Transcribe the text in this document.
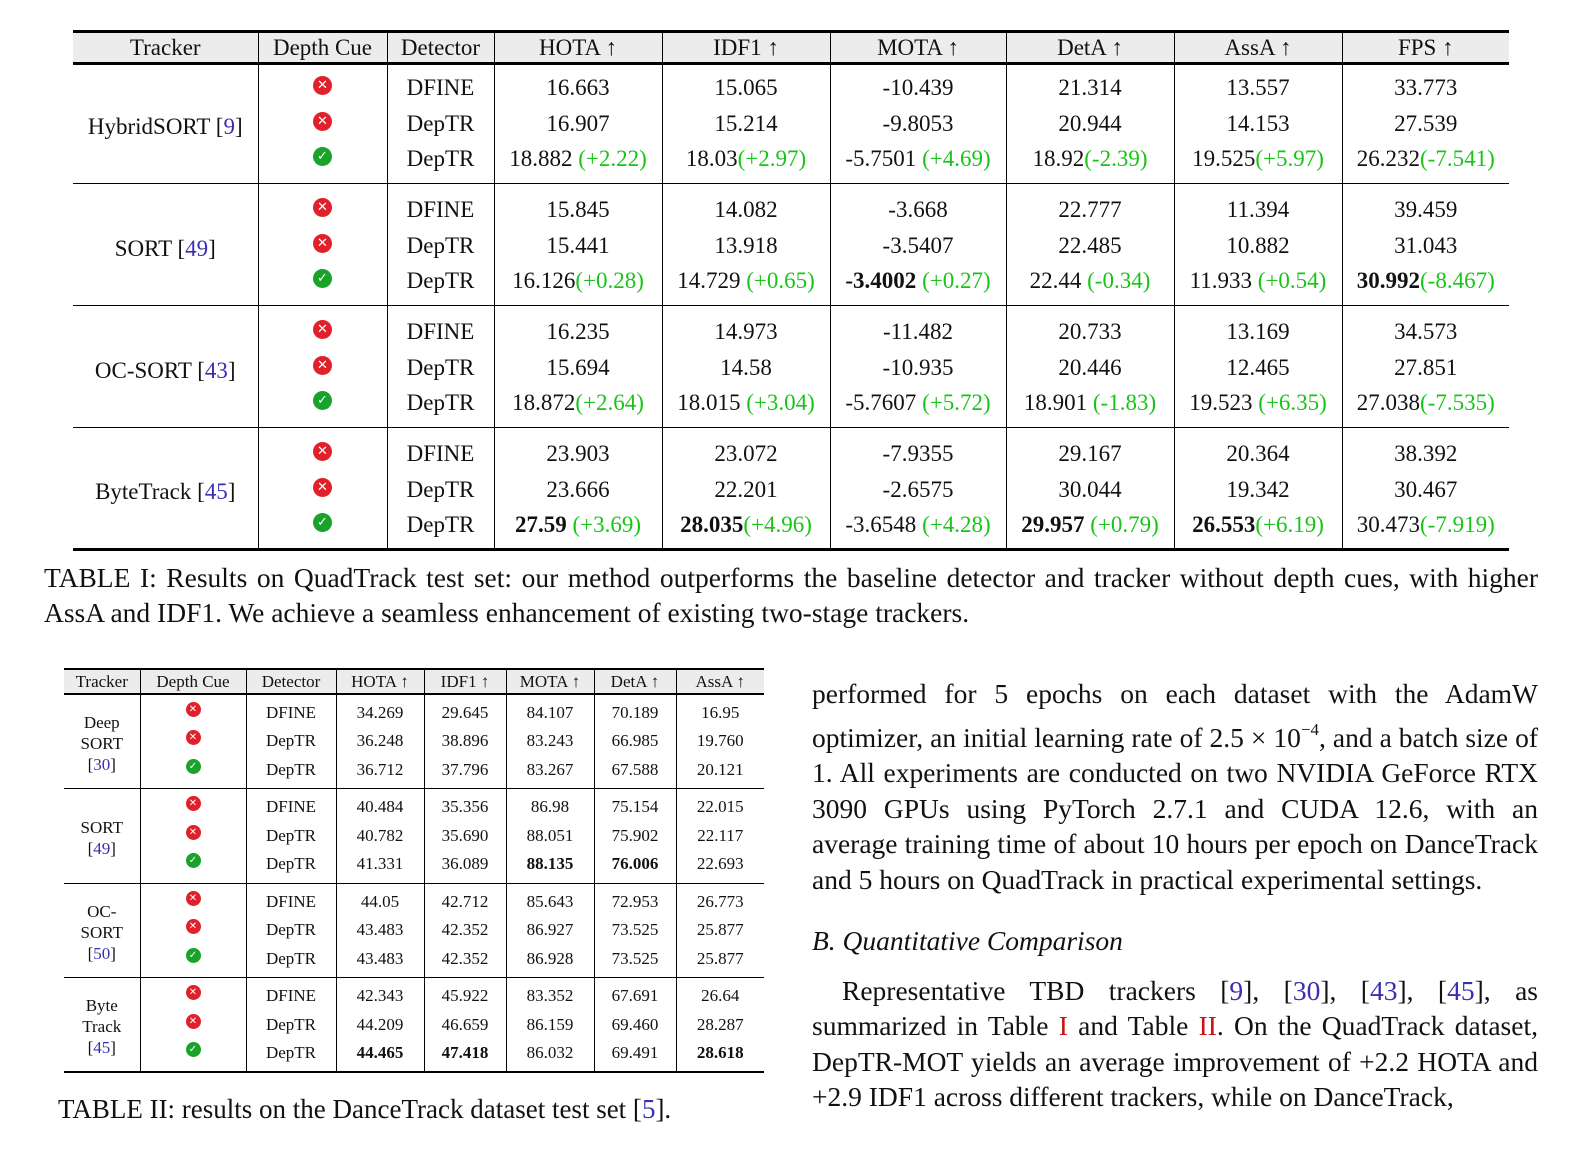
Tracker	Depth Cue	Detector	HOTA ↑	IDF1 ↑	MOTA ↑	DetA ↑	AssA ↑	FPS ↑
HybridSORT [9]	✕	DFINE	16.663	15.065	-10.439	21.314	13.557	33.773
	✕	DepTR	16.907	15.214	-9.8053	20.944	14.153	27.539
	✓	DepTR	18.882 (+2.22)	18.03(+2.97)	-5.7501 (+4.69)	18.92(-2.39)	19.525(+5.97)	26.232(-7.541)
SORT [49]	✕	DFINE	15.845	14.082	-3.668	22.777	11.394	39.459
	✕	DepTR	15.441	13.918	-3.5407	22.485	10.882	31.043
	✓	DepTR	16.126(+0.28)	14.729 (+0.65)	-3.4002 (+0.27)	22.44 (-0.34)	11.933 (+0.54)	30.992(-8.467)
OC-SORT [43]	✕	DFINE	16.235	14.973	-11.482	20.733	13.169	34.573
	✕	DepTR	15.694	14.58	-10.935	20.446	12.465	27.851
	✓	DepTR	18.872(+2.64)	18.015 (+3.04)	-5.7607 (+5.72)	18.901 (-1.83)	19.523 (+6.35)	27.038(-7.535)
ByteTrack [45]	✕	DFINE	23.903	23.072	-7.9355	29.167	20.364	38.392
	✕	DepTR	23.666	22.201	-2.6575	30.044	19.342	30.467
	✓	DepTR	27.59 (+3.69)	28.035(+4.96)	-3.6548 (+4.28)	29.957 (+0.79)	26.553(+6.19)	30.473(-7.919)
TABLE I: Results on QuadTrack test set: our method outperforms the baseline detector and tracker without depth cues, with higher AssA and IDF1. We achieve a seamless enhancement of existing two-stage trackers.
Tracker	Depth Cue	Detector	HOTA ↑	IDF1 ↑	MOTA ↑	DetA ↑	AssA ↑

Deep
SORT
[30]	✕	DFINE	34.269	29.645	84.107	70.189	16.95
	✕	DepTR	36.248	38.896	83.243	66.985	19.760
	✓	DepTR	36.712	37.796	83.267	67.588	20.121

SORT
[49]	✕	DFINE	40.484	35.356	86.98	75.154	22.015
	✕	DepTR	40.782	35.690	88.051	75.902	22.117
	✓	DepTR	41.331	36.089	88.135	76.006	22.693

OC-
SORT
[50]	✕	DFINE	44.05	42.712	85.643	72.953	26.773
	✕	DepTR	43.483	42.352	86.927	73.525	25.877
	✓	DepTR	43.483	42.352	86.928	73.525	25.877

Byte
Track
[45]	✕	DFINE	42.343	45.922	83.352	67.691	26.64
	✕	DepTR	44.209	46.659	86.159	69.460	28.287
	✓	DepTR	44.465	47.418	86.032	69.491	28.618
TABLE II: results on the DanceTrack dataset test set [5].

performed for 5 epochs on each dataset with the AdamW optimizer, an initial learning rate of $2.5 \times 10^{-4}$, and a batch size of 1. All experiments are conducted on two NVIDIA GeForce RTX 3090 GPUs using PyTorch 2.7.1 and CUDA 12.6, with an average training time of about 10 hours per epoch on DanceTrack and 5 hours on QuadTrack in practical experimental settings.

B. Quantitative Comparison

Representative TBD trackers [9], [30], [43], [45], as summarized in Table I and Table II. On the QuadTrack dataset, DepTR-MOT yields an average improvement of +2.2 HOTA and +2.9 IDF1 across different trackers, while on DanceTrack,
